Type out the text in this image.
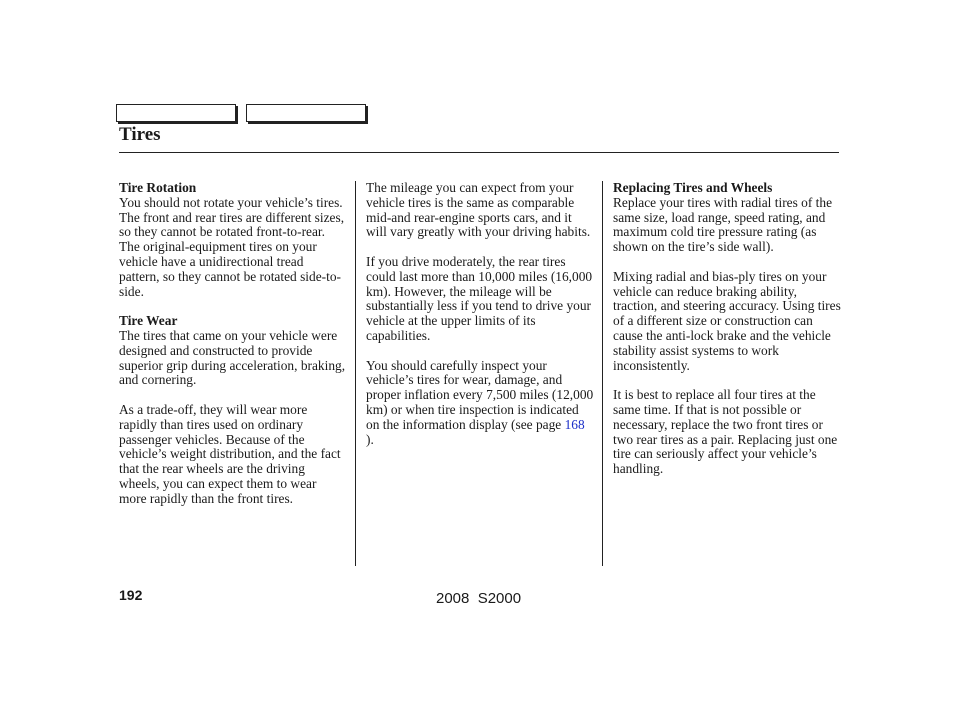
Tires
Tire Rotation

You should not rotate your vehicle’s tires. The front and rear tires are different sizes, so they cannot be rotated front-to-rear. The original-equipment tires on your vehicle have a unidirectional tread pattern, so they cannot be rotated side-to-side.

Tire Wear

The tires that came on your vehicle were designed and constructed to provide superior grip during acceleration, braking, and cornering.

As a trade-off, they will wear more rapidly than tires used on ordinary passenger vehicles. Because of the vehicle’s weight distribution, and the fact that the rear wheels are the driving wheels, you can expect them to wear more rapidly than the front tires.

The mileage you can expect from your vehicle tires is the same as comparable mid-and rear-engine sports cars, and it will vary greatly with your driving habits.

If you drive moderately, the rear tires could last more than 10,000 miles (16,000 km). However, the mileage will be substantially less if you tend to drive your vehicle at the upper limits of its capabilities.

You should carefully inspect your vehicle’s tires for wear, damage, and proper inflation every 7,500 miles (12,000 km) or when tire inspection is indicated on the information display (see page 168 ).

Replacing Tires and Wheels

Replace your tires with radial tires of the same size, load range, speed rating, and maximum cold tire pressure rating (as shown on the tire’s side wall).

Mixing radial and bias-ply tires on your vehicle can reduce braking ability, traction, and steering accuracy. Using tires of a different size or construction can cause the anti-lock brake and the vehicle stability assist systems to work inconsistently.

It is best to replace all four tires at the same time. If that is not possible or necessary, replace the two front tires or two rear tires as a pair. Replacing just one tire can seriously affect your vehicle’s handling.

192	2008  S2000
